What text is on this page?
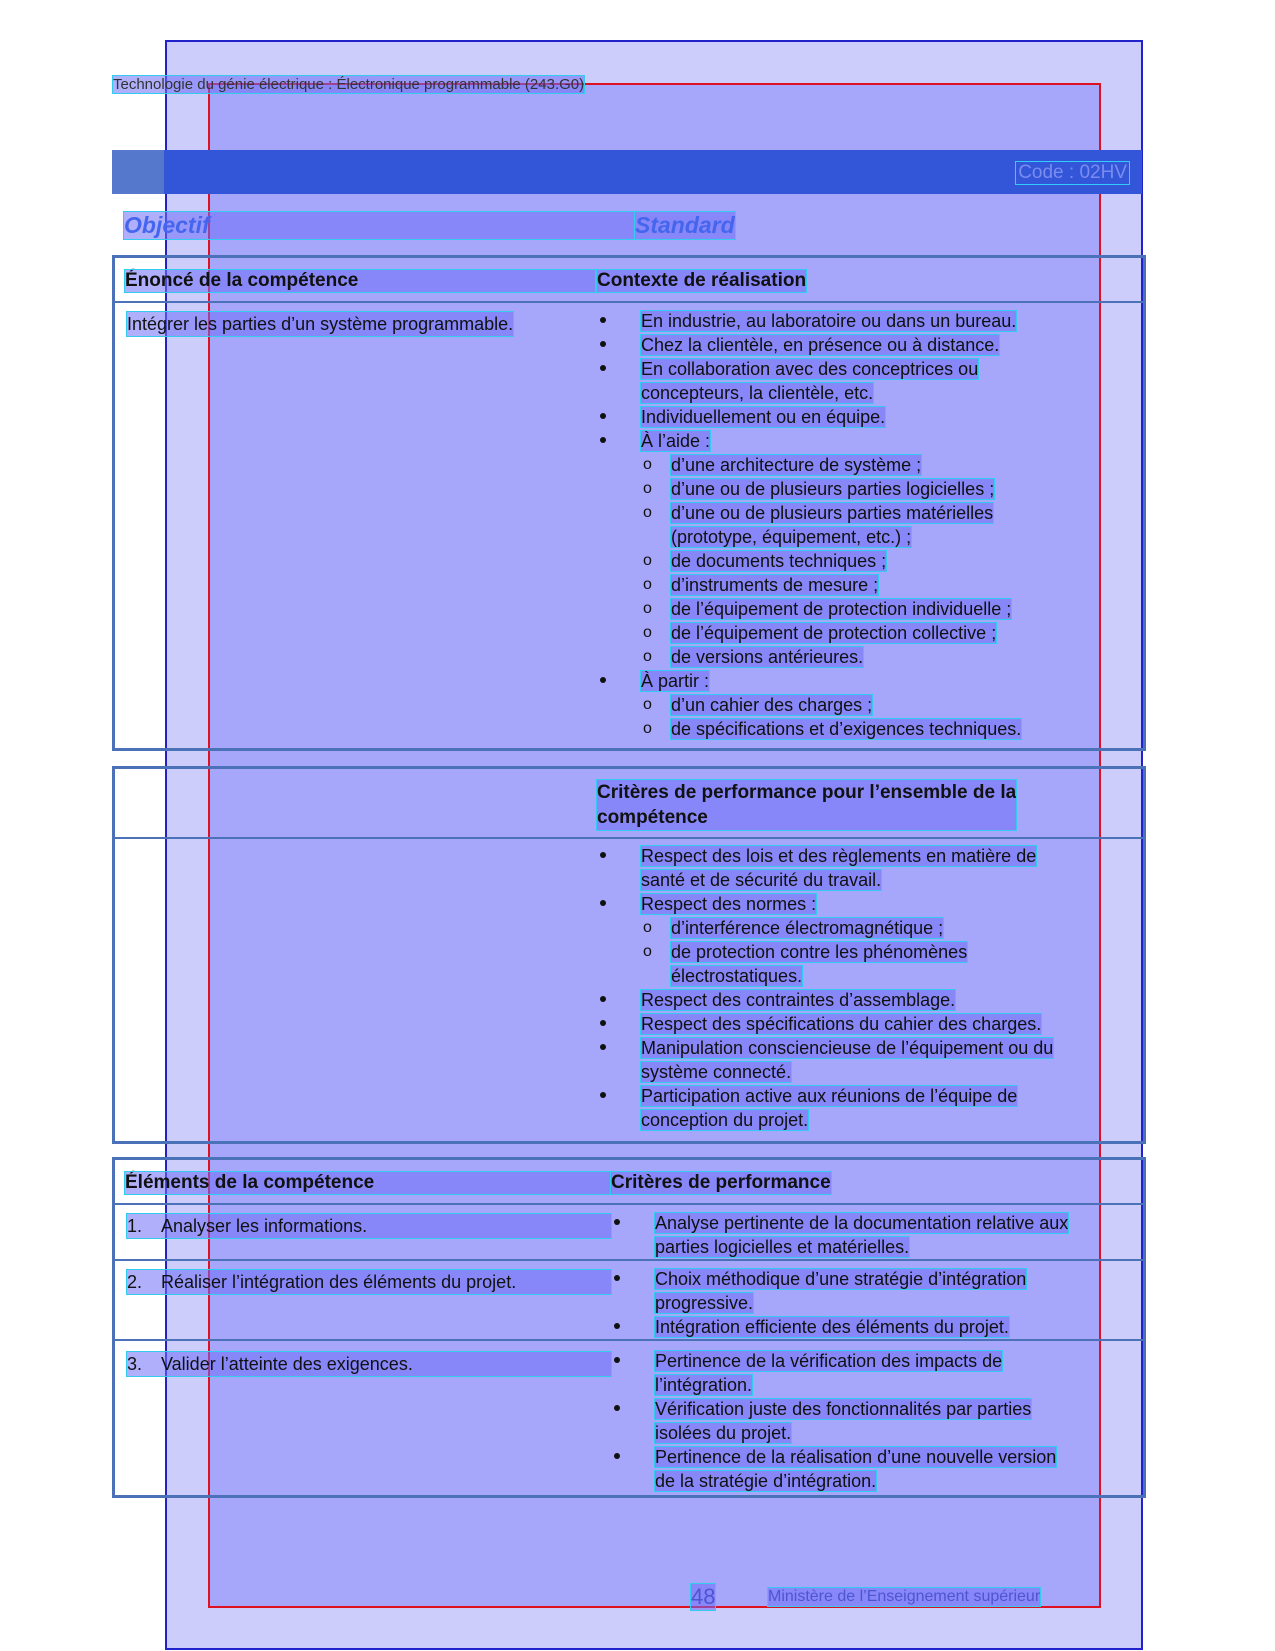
Technologie du génie électrique : Électronique programmable (243.G0)
Code : 02HV
Objectif	Standard
Énoncé de la compétence	Contexte de réalisation
Intégrer les parties d’un système programmable.	En industrie, au laboratoire ou dans un bureau.
Chez la clientèle, en présence ou à distance.
En collaboration avec des conceptrices ou
concepteurs, la clientèle, etc.
Individuellement ou en équipe.
À l’aide :
o d’une architecture de système ;
o d’une ou de plusieurs parties logicielles ;
o d’une ou de plusieurs parties matérielles
(prototype, équipement, etc.) ;
o de documents techniques ;
o d’instruments de mesure ;
o de l’équipement de protection individuelle ;
o de l’équipement de protection collective ;
o de versions antérieures.
À partir :
o d’un cahier des charges ;
o de spécifications et d’exigences techniques.
Critères de performance pour l’ensemble de la
compétence
Respect des lois et des règlements en matière de
santé et de sécurité du travail.
Respect des normes :
o d’interférence électromagnétique ;
o de protection contre les phénomènes
électrostatiques.
Respect des contraintes d’assemblage.
Respect des spécifications du cahier des charges.
Manipulation consciencieuse de l’équipement ou du
système connecté.
Participation active aux réunions de l’équipe de
conception du projet.
Éléments de la compétence	Critères de performance
1. Analyser les informations.	Analyse pertinente de la documentation relative aux
parties logicielles et matérielles.
2. Réaliser l’intégration des éléments du projet.	Choix méthodique d’une stratégie d’intégration
progressive.
Intégration efficiente des éléments du projet.
3. Valider l’atteinte des exigences.	Pertinence de la vérification des impacts de
l’intégration.
Vérification juste des fonctionnalités par parties
isolées du projet.
Pertinence de la réalisation d’une nouvelle version
de la stratégie d’intégration.
48	Ministère de l’Enseignement supérieur
